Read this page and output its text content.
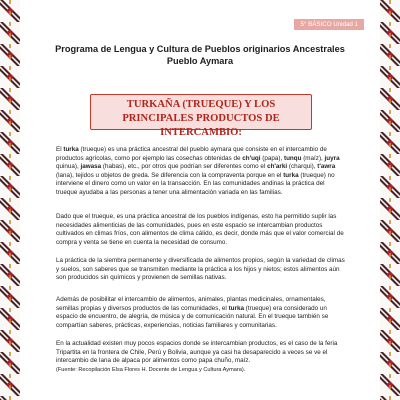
5° BÁSICO Unidad 1
Programa de Lengua y Cultura de Pueblos originarios Ancestrales
Pueblo Aymara
TURKAÑA (TRUEQUE) Y LOS PRINCIPALES PRODUCTOS DE INTERCAMBIO:

El turka (trueque) es una práctica ancestral del pueblo aymara que consiste en el intercambio de productos agrícolas, como por ejemplo las cosechas obtenidas de ch'uqi (papa), tunqu (maíz), juyra quinua), jawasa (habas), etc., por otros que podrían ser diferentes como el ch'arki (charqui), t'awra (lana), tejidos u objetos de greda. Se diferencia con la compraventa porque en el turka (trueque) no interviene el dinero como un valor en la transacción. En las comunidades andinas la práctica del trueque ayudaba a las personas a tener una alimentación variada en las familias.

Dado que el trueque, es una práctica ancestral de los pueblos indígenas, esto ha permitido suplir las necesidades alimenticias de las comunidades, pues en este espacio se intercambian productos cultivados en climas fríos, con alimentos de clima cálido, es decir, donde más que el valor comercial de compra y venta se tiene en cuenta la necesidad de consumo.

La práctica de la siembra permanente y diversificada de alimentos propios, según la variedad de climas y suelos, son saberes que se transmiten mediante la práctica a los hijos y nietos; estos alimentos aún son producidos sin químicos y provienen de semillas nativas.

Además de posibilitar el intercambio de alimentos, animales, plantas medicinales, ornamentales, semillas propias y diversos productos de las comunidades, el turka (trueque) era considerado un espacio de encuentro, de alegría, de música y de comunicación natural. En el trueque también se compartían saberes, prácticas, experiencias, noticias familiares y comunitarias.

En la actualidad existen muy pocos espacios donde se intercambian productos, es el caso de la feria Tripartita en la frontera de Chile, Perú y Bolivia, aunque ya casi ha desaparecido a veces se ve el intercambio de lana de alpaca por alimentos como papa chuño, maíz.

(Fuente: Recopilación Elsa Flores H. Docente de Lengua y Cultura Aymara).
